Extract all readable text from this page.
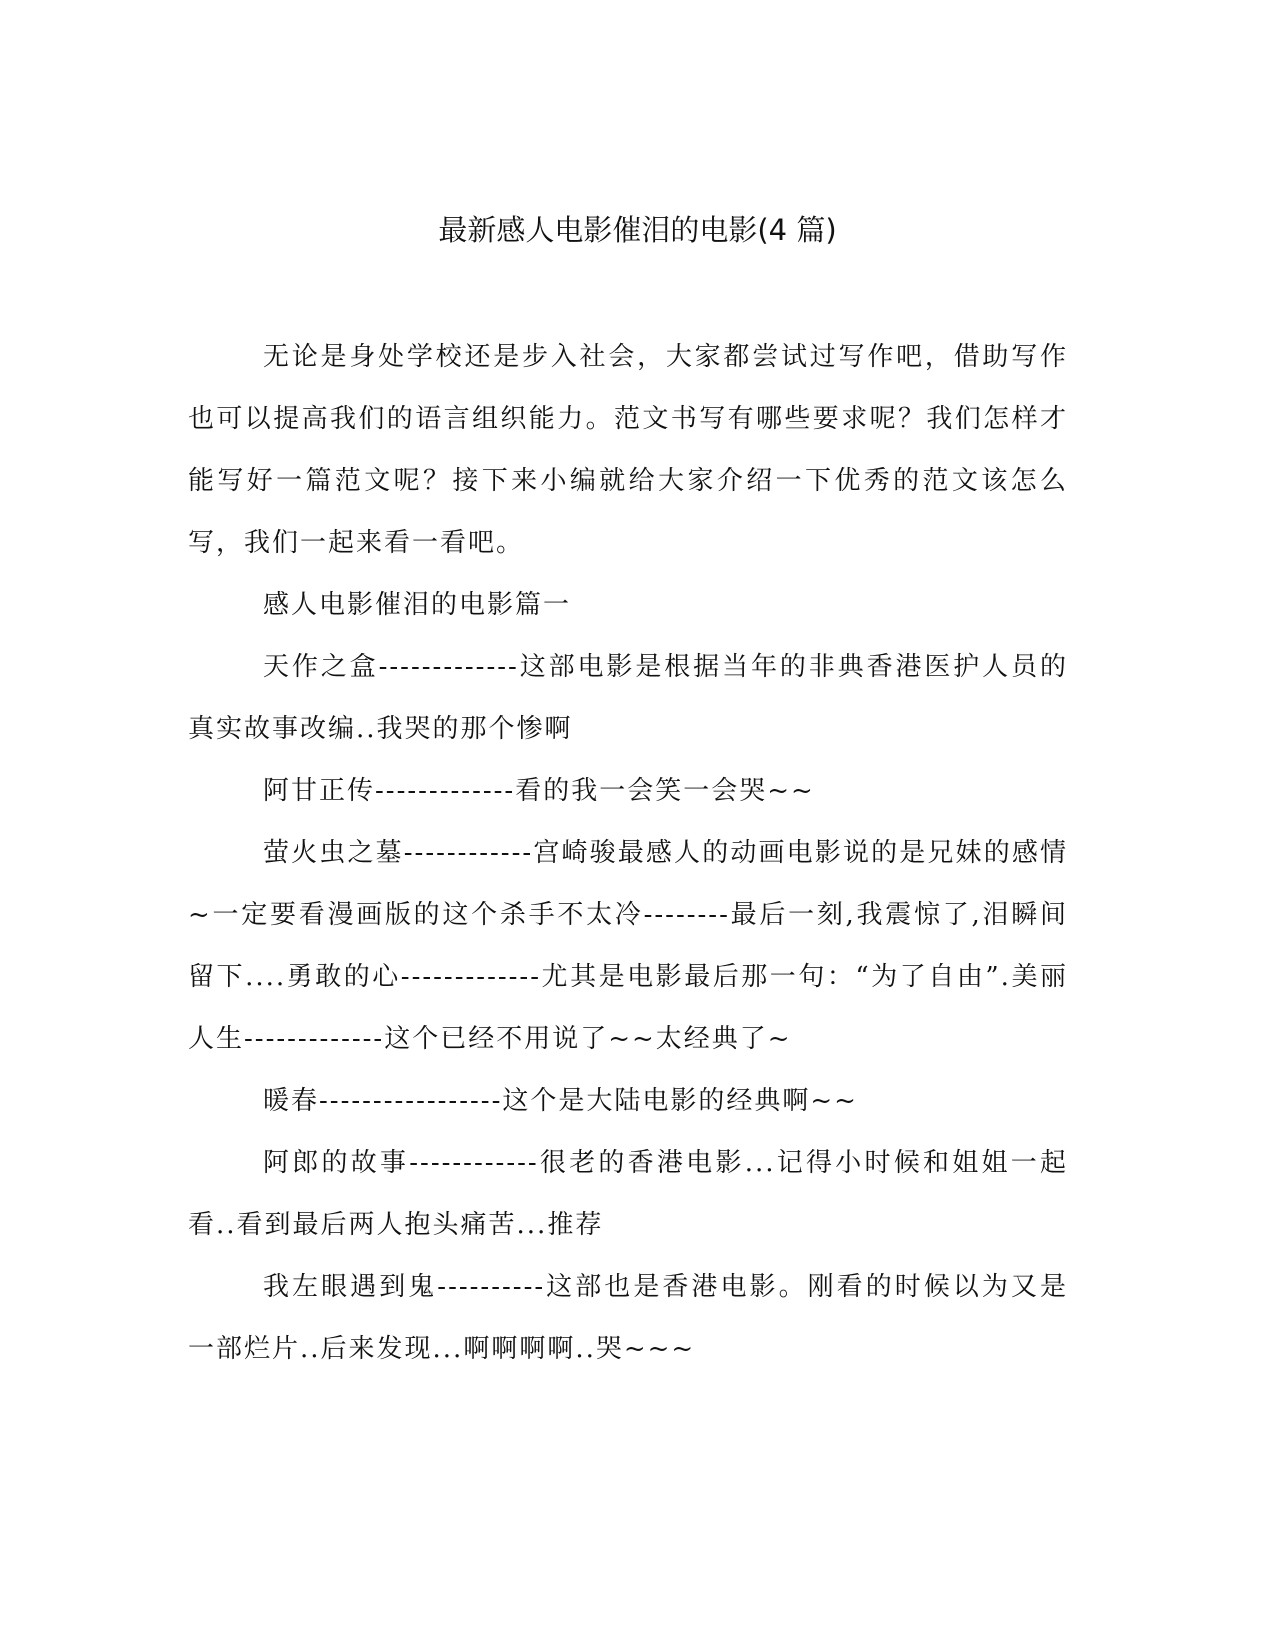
最新感人电影催泪的电影(4 篇)

无论是身处学校还是步入社会，大家都尝试过写作吧，借助写作也可以提高我们的语言组织能力。范文书写有哪些要求呢？我们怎样才能写好一篇范文呢？接下来小编就给大家介绍一下优秀的范文该怎么写，我们一起来看一看吧。

感人电影催泪的电影篇一

天作之盒-------------这部电影是根据当年的非典香港医护人员的真实故事改编..我哭的那个惨啊

阿甘正传-------------看的我一会笑一会哭~~

萤火虫之墓------------宫崎骏最感人的动画电影说的是兄妹的感情~一定要看漫画版的这个杀手不太冷--------最后一刻,我震惊了,泪瞬间留下....勇敢的心-------------尤其是电影最后那一句：“为了自由”.美丽人生-------------这个已经不用说了~~太经典了~

暖春-----------------这个是大陆电影的经典啊~~

阿郎的故事------------很老的香港电影...记得小时候和姐姐一起看..看到最后两人抱头痛苦...推荐

我左眼遇到鬼----------这部也是香港电影。刚看的时候以为又是一部烂片..后来发现...啊啊啊啊..哭~~~
